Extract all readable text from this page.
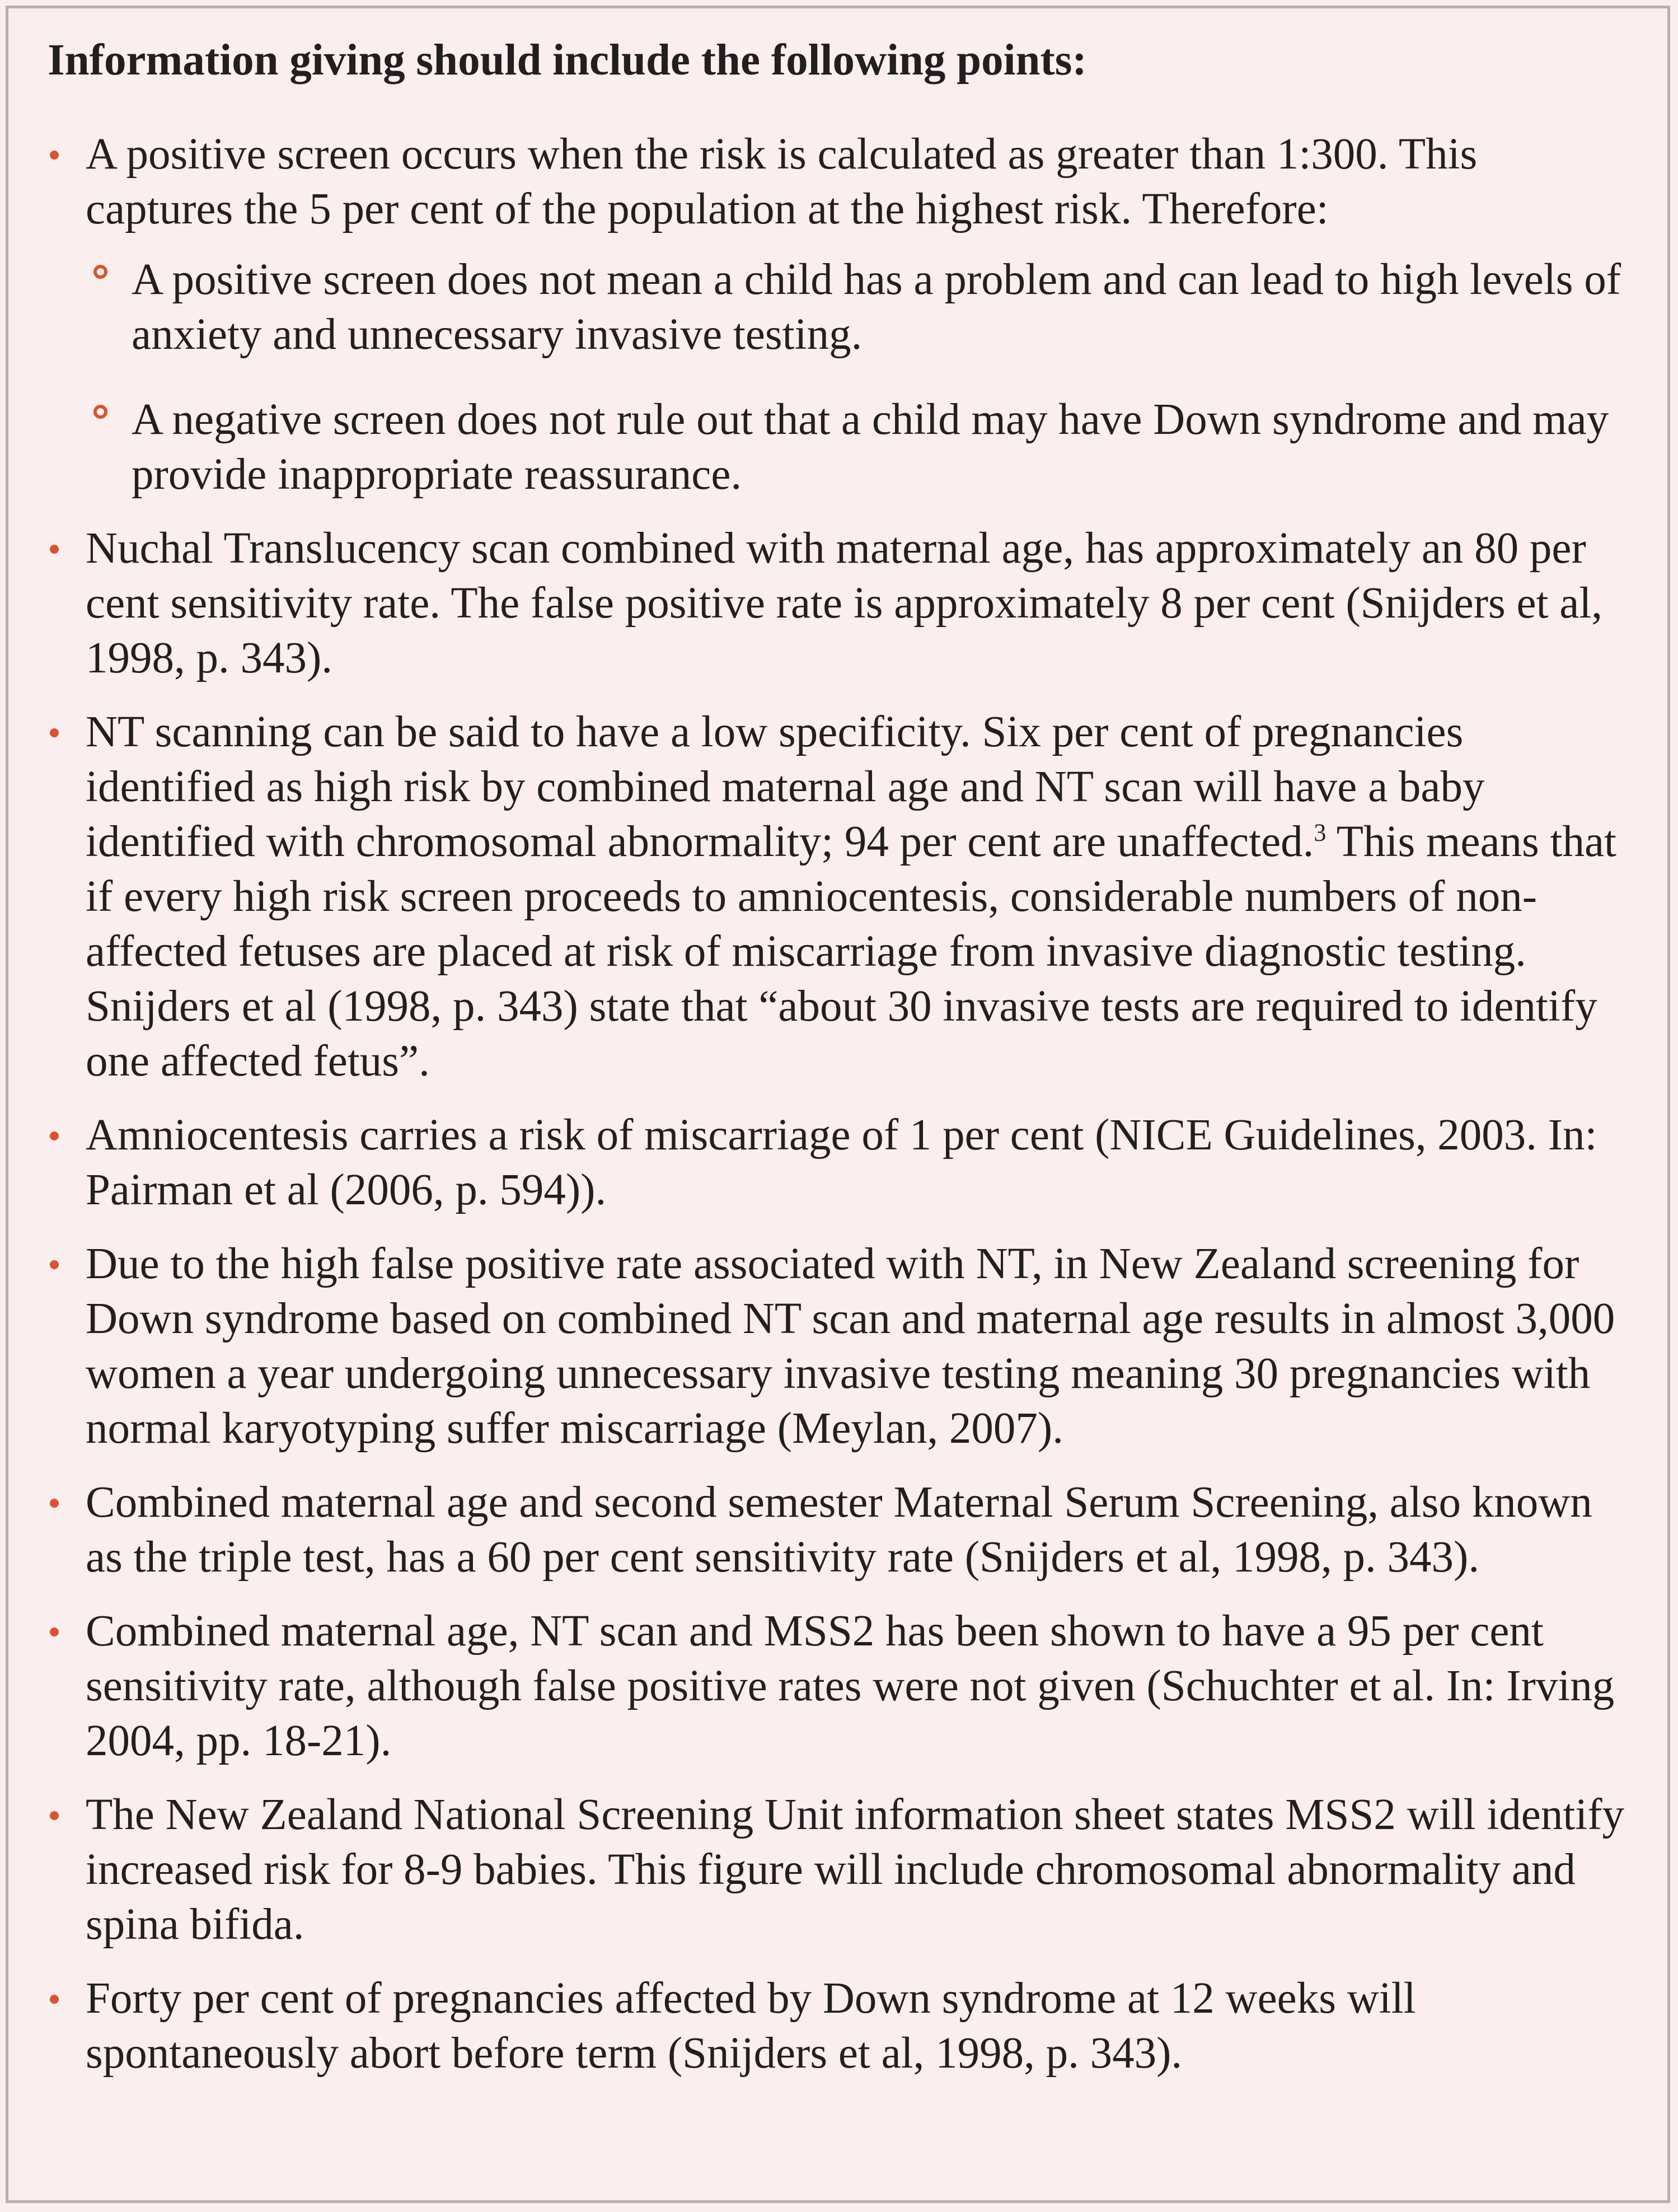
Information giving should include the following points:
A positive screen occurs when the risk is calculated as greater than 1:300. This captures the 5 per cent of the population at the highest risk. Therefore:
A positive screen does not mean a child has a problem and can lead to high levels of anxiety and unnecessary invasive testing.
A negative screen does not rule out that a child may have Down syndrome and may provide inappropriate reassurance.
Nuchal Translucency scan combined with maternal age, has approximately an 80 per cent sensitivity rate. The false positive rate is approximately 8 per cent (Snijders et al, 1998, p. 343).
NT scanning can be said to have a low specificity. Six per cent of pregnancies identified as high risk by combined maternal age and NT scan will have a baby identified with chromosomal abnormality; 94 per cent are unaffected.$^3$ This means that if every high risk screen proceeds to amniocentesis, considerable numbers of non-affected fetuses are placed at risk of miscarriage from invasive diagnostic testing. Snijders et al (1998, p. 343) state that “about 30 invasive tests are required to identify one affected fetus”.
Amniocentesis carries a risk of miscarriage of 1 per cent (NICE Guidelines, 2003. In: Pairman et al (2006, p. 594)).
Due to the high false positive rate associated with NT, in New Zealand screening for Down syndrome based on combined NT scan and maternal age results in almost 3,000 women a year undergoing unnecessary invasive testing meaning 30 pregnancies with normal karyotyping suffer miscarriage (Meylan, 2007).
Combined maternal age and second semester Maternal Serum Screening, also known as the triple test, has a 60 per cent sensitivity rate (Snijders et al, 1998, p. 343).
Combined maternal age, NT scan and MSS2 has been shown to have a 95 per cent sensitivity rate, although false positive rates were not given (Schuchter et al. In: Irving 2004, pp. 18-21).
The New Zealand National Screening Unit information sheet states MSS2 will identify increased risk for 8-9 babies. This figure will include chromosomal abnormality and spina bifida.
Forty per cent of pregnancies affected by Down syndrome at 12 weeks will spontaneously abort before term (Snijders et al, 1998, p. 343).
